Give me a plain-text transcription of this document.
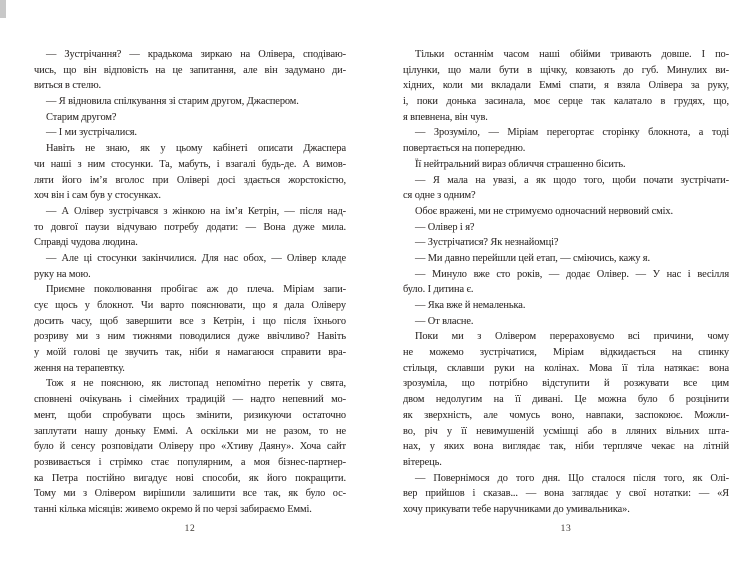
— Зустрічання? — крадькома зиркаю на Олівера, сподіваю-
чись, що він відповість на це запитання, але він задумано ди-
виться в стелю.
— Я відновила спілкування зі старим другом, Джаспером.
Старим другом?
— І ми зустрічалися.
Навіть не знаю, як у цьому кабінеті описати Джаспера
чи наші з ним стосунки. Та, мабуть, і взагалі будь-де. А вимов-
ляти його ім’я вголос при Олівері досі здається жорстокістю,
хоч він і сам був у стосунках.
— А Олівер зустрічався з жінкою на ім’я Кетрін, — після над-
то довгої паузи відчуваю потребу додати: — Вона дуже мила.
Справді чудова людина.
— Але ці стосунки закінчилися. Для нас обох, — Олівер кладе
руку на мою.
Приємне поколювання пробігає аж до плеча. Міріам запи-
сує щось у блокнот. Чи варто пояснювати, що я дала Оліверу
досить часу, щоб завершити все з Кетрін, і що після їхнього
розриву ми з ним тижнями поводилися дуже ввічливо? Навіть
у моїй голові це звучить так, ніби я намагаюся справити вра-
ження на терапевтку.
Тож я не пояснюю, як листопад непомітно перетік у свята,
сповнені очікувань і сімейних традицій — надто непевний мо-
мент, щоби спробувати щось змінити, ризикуючи остаточно
заплутати нашу доньку Еммі. А оскільки ми не разом, то не
було й сенсу розповідати Оліверу про «Хтиву Даяну». Хоча сайт
розвивається і стрімко стає популярним, а моя бізнес-партнер-
ка Петра постійно вигадує нові способи, як його покращити.
Тому ми з Олівером вирішили залишити все так, як було ос-
танні кілька місяців: живемо окремо й по черзі забираємо Еммі.
12
Тільки останнім часом наші обійми тривають довше. І по-
цілунки, що мали бути в щічку, ковзають до губ. Минулих ви-
хідних, коли ми вкладали Еммі спати, я взяла Олівера за руку,
і, поки донька засинала, моє серце так калатало в грудях, що,
я впевнена, він чув.
— Зрозуміло, — Міріам перегортає сторінку блокнота, а тоді
повертається на попередню.
Її нейтральний вираз обличчя страшенно бісить.
— Я мала на увазі, а як щодо того, щоби почати зустрічати-
ся одне з одним?
Обоє вражені, ми не стримуємо одночасний нервовий сміх.
— Олівер і я?
— Зустрічатися? Як незнайомці?
— Ми давно перейшли цей етап, — сміючись, кажу я.
— Минуло вже сто років, — додає Олівер. — У нас і весілля
було. І дитина є.
— Яка вже й немаленька.
— От власне.
Поки ми з Олівером перераховуємо всі причини, чому
не можемо зустрічатися, Міріам відкидається на спинку
стільця, склавши руки на колінах. Мова її тіла натякає: вона
зрозуміла, що потрібно відступити й розжувати все цим
двом недолугим на її дивані. Це можна було б розцінити
як зверхність, але чомусь воно, навпаки, заспокоює. Можли-
во, річ у її невимушеній усмішці або в лляних вільних шта-
нах, у яких вона виглядає так, ніби терпляче чекає на літній
вітерець.
— Повернімося до того дня. Що сталося після того, як Олі-
вер прийшов і сказав... — вона заглядає у свої нотатки: — «Я
хочу прикувати тебе наручниками до умивальника».
13
